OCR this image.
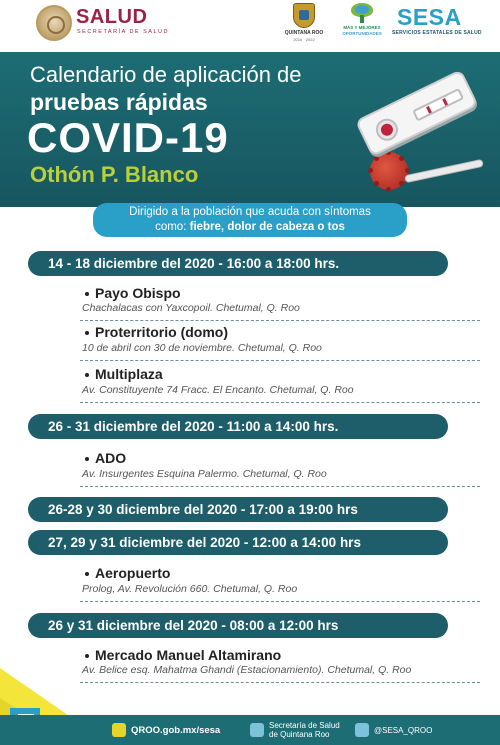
SALUD
SECRETARÍA DE SALUD	QUINTANA ROO
2016 · 2022
MÁS Y MEJORES
OPORTUNIDADES
SESA
SERVICIOS ESTATALES DE SALUD
Calendario de aplicación de
pruebas rápidas
COVID-19
Othón P. Blanco
Dirigido a la población que acuda con síntomas
como: fiebre, dolor de cabeza o tos
14 - 18 diciembre del 2020 - 16:00 a 18:00 hrs.
Payo Obispo
Chachalacas con Yaxcopoil. Chetumal, Q. Roo
Proterritorio (domo)
10 de abril con 30 de noviembre. Chetumal, Q. Roo
Multiplaza
Av. Constituyente 74 Fracc. El Encanto. Chetumal, Q. Roo
26 - 31 diciembre del 2020 - 11:00 a 14:00 hrs.
ADO
Av. Insurgentes Esquina Palermo. Chetumal, Q. Roo
26-28 y 30 diciembre del 2020 - 17:00 a 19:00 hrs
27, 29 y 31 diciembre del 2020 - 12:00 a 14:00 hrs
Aeropuerto
Prolog, Av. Revolución 660. Chetumal, Q. Roo
26 y 31 diciembre del 2020 - 08:00 a 12:00 hrs
Mercado Manuel Altamirano
Av. Belice esq. Mahatma Ghandi (Estacionamiento). Chetumal, Q. Roo
QROO.gob.mx/sesa	Secretaría de Salud
de Quintana Roo	@SESA_QROO
